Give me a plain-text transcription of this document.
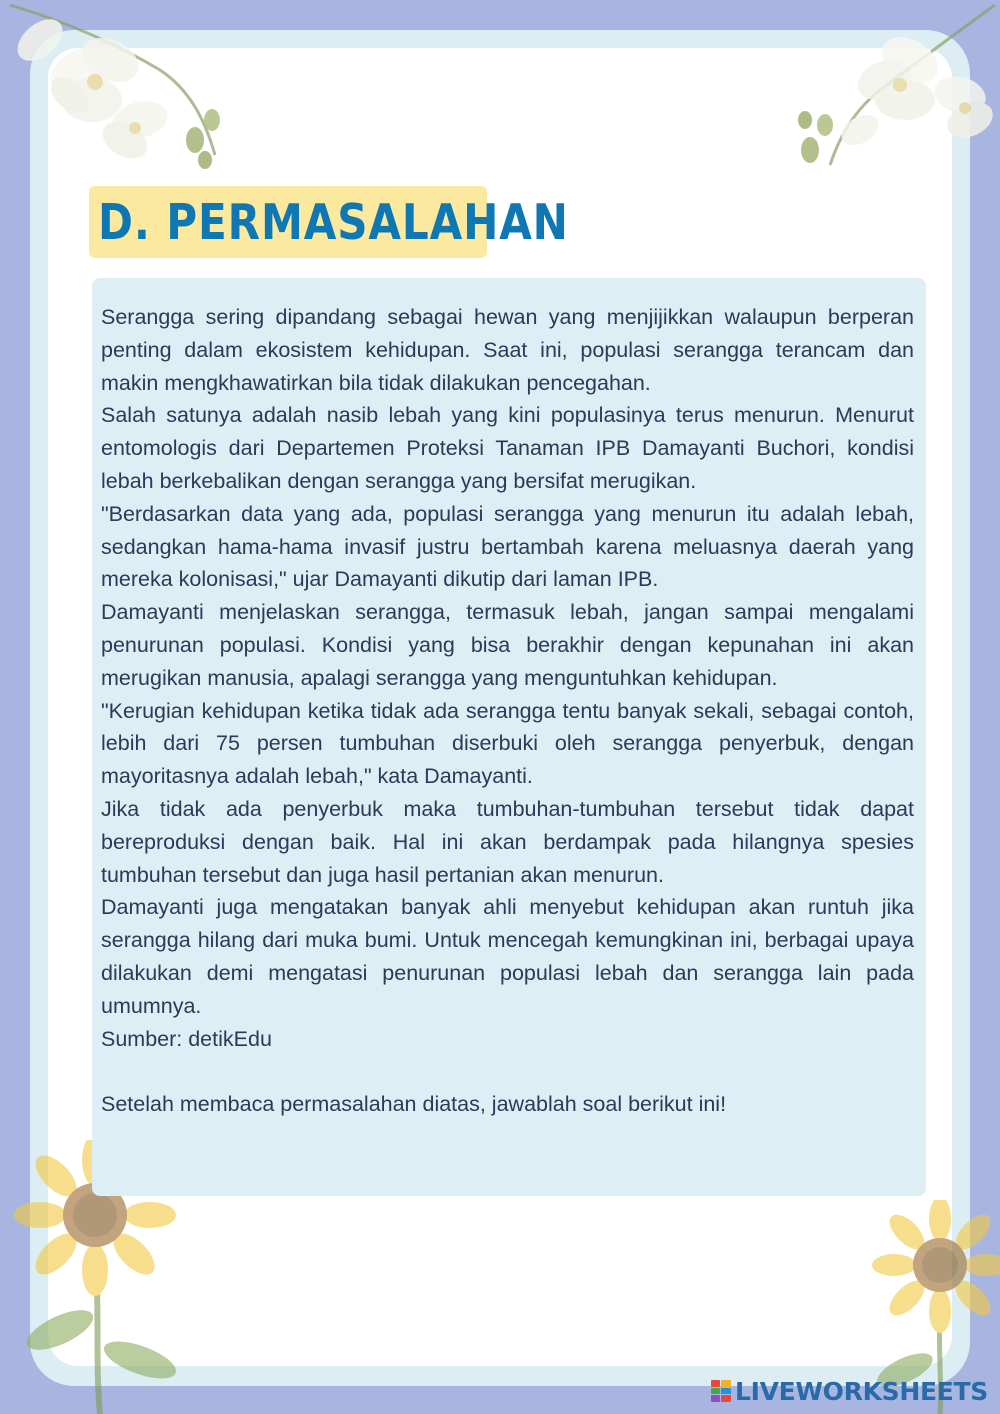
D. PERMASALAHAN

Serangga sering dipandang sebagai hewan yang menjijikkan walaupun berperan penting dalam ekosistem kehidupan. Saat ini, populasi serangga terancam dan makin mengkhawatirkan bila tidak dilakukan pencegahan.

Salah satunya adalah nasib lebah yang kini populasinya terus menurun. Menurut entomologis dari Departemen Proteksi Tanaman IPB Damayanti Buchori, kondisi lebah berkebalikan dengan serangga yang bersifat merugikan.

"Berdasarkan data yang ada, populasi serangga yang menurun itu adalah lebah, sedangkan hama-hama invasif justru bertambah karena meluasnya daerah yang mereka kolonisasi," ujar Damayanti dikutip dari laman IPB.

Damayanti menjelaskan serangga, termasuk lebah, jangan sampai mengalami penurunan populasi. Kondisi yang bisa berakhir dengan kepunahan ini akan merugikan manusia, apalagi serangga yang menguntuhkan kehidupan.

"Kerugian kehidupan ketika tidak ada serangga tentu banyak sekali, sebagai contoh, lebih dari 75 persen tumbuhan diserbuki oleh serangga penyerbuk, dengan mayoritasnya adalah lebah," kata Damayanti.

Jika tidak ada penyerbuk maka tumbuhan-tumbuhan tersebut tidak dapat bereproduksi dengan baik. Hal ini akan berdampak pada hilangnya spesies tumbuhan tersebut dan juga hasil pertanian akan menurun.

Damayanti juga mengatakan banyak ahli menyebut kehidupan akan runtuh jika serangga hilang dari muka bumi. Untuk mencegah kemungkinan ini, berbagai upaya dilakukan demi mengatasi penurunan populasi lebah dan serangga lain pada umumnya.

Sumber: detikEdu

Setelah membaca permasalahan diatas, jawablah soal berikut ini!

LIVEWORKSHEETS
